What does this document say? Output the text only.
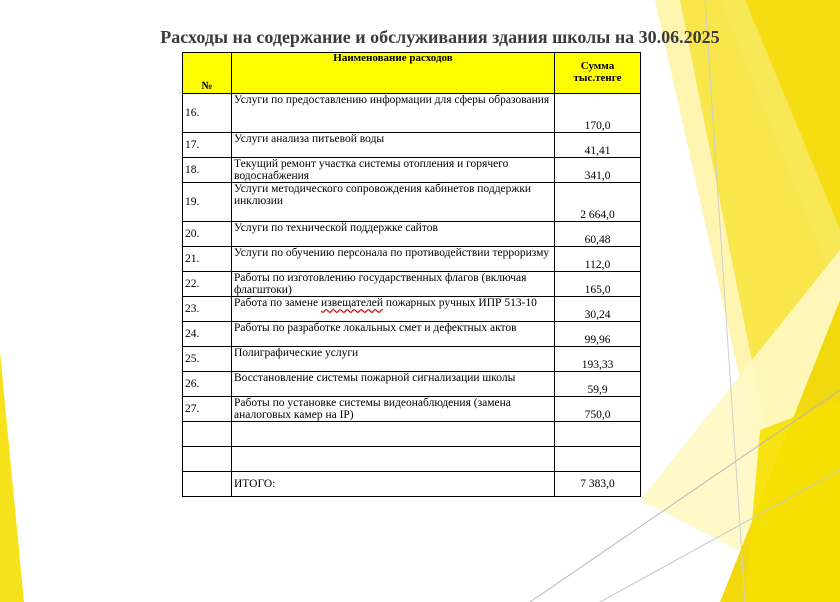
Расходы на содержание и обслуживания здания школы на 30.06.2025
№	Наименование расходов	Сумма
тыс.тенге
16.	Услуги по предоставлению информации для сферы образования	170,0
17.	Услуги анализа питьевой воды	41,41
18.	Текущий ремонт участка системы отопления и горячего водоснабжения	341,0
19.	Услуги методического сопровождения кабинетов поддержки инклюзии	2 664,0
20.	Услуги по технической поддержке сайтов	60,48
21.	Услуги по обучению персонала по противодействии терроризму	112,0
22.	Работы по изготовлению государственных флагов (включая флагштоки)	165,0
23.	Работа по замене извещателей пожарных ручных ИПР 513-10	30,24
24.	Работы по разработке локальных смет и дефектных актов	99,96
25.	Полиграфические услуги	193,33
26.	Восстановление системы пожарной сигнализации школы	59,9
27.	Работы по установке системы видеонаблюдения (замена аналоговых камер на IP)	750,0

	ИТОГО:	7 383,0
